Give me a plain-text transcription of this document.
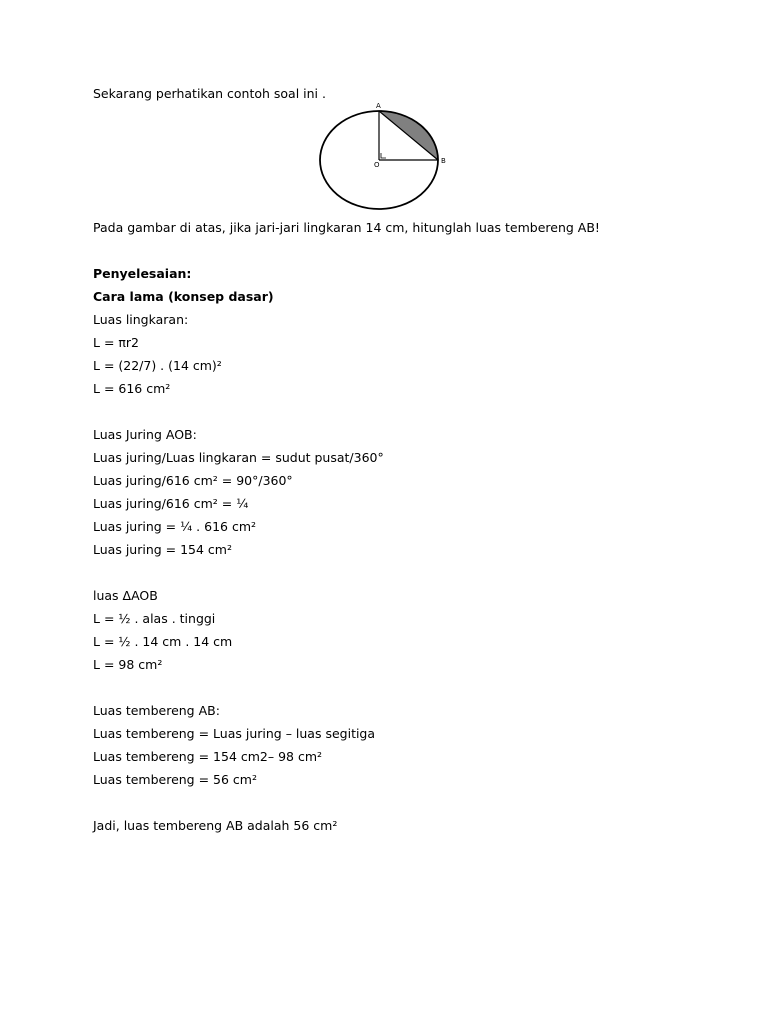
Sekarang perhatikan contoh soal ini .
A
B
O
Pada gambar di atas, jika jari-jari lingkaran 14 cm, hitunglah luas tembereng AB!
Penyelesaian:
Cara lama (konsep dasar)
Luas lingkaran:
L = πr2
L = (22/7) . (14 cm)²
L = 616 cm²
Luas Juring AOB:
Luas juring/Luas lingkaran = sudut pusat/360°
Luas juring/616 cm² = 90°/360°
Luas juring/616 cm² = ¼
Luas juring = ¼ . 616 cm²
Luas juring = 154 cm²
luas ΔAOB
L = ½ . alas . tinggi
L = ½ . 14 cm . 14 cm
L = 98 cm²
Luas tembereng AB:
Luas tembereng = Luas juring – luas segitiga
Luas tembereng = 154 cm2– 98 cm²
Luas tembereng = 56 cm²
Jadi, luas tembereng AB adalah 56 cm²
